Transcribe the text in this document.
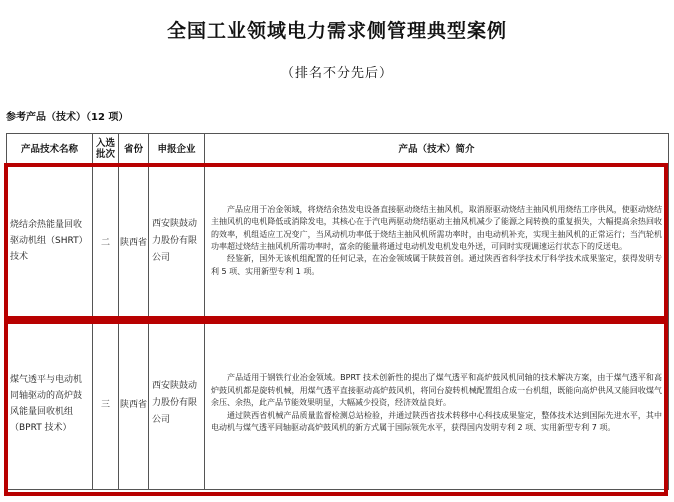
全国工业领域电力需求侧管理典型案例
（排名不分先后）
参考产品（技术）（12 项）
产品技术名称	入选批次	省份	申报企业	产品（技术）简介
烧结余热能量回收驱动机组（SHRT）技术	二	陕西省	西安陕鼓动力股份有限公司	产品应用于冶金领域，将烧结余热发电设备直接驱动烧结主抽风机，取消原驱动烧结主抽风机用烧结工序供风，使驱动烧结主抽风机的电机降低或消除发电，其核心在于汽电两驱动烧结驱动主抽风机减少了能源之间转换的重复损失，大幅提高余热回收的效率，机组适应工况变广，当风动机功率低于烧结主抽风机所需功率时，由电动机补充，实现主抽风机的正常运行；当汽轮机功率超过烧结主抽风机所需功率时，富余的能量将通过电动机发电机发电外送，可同时实现调速运行状态下的反送电。

经鉴新，国外无该机组配置的任何记录，在冶金领域属于陕鼓首创。通过陕西省科学技术厅科学技术成果鉴定，获得发明专利 5 项、实用新型专利 1 项。

煤气透平与电动机同轴驱动的高炉鼓风能量回收机组（BPRT 技术）	三	陕西省	西安陕鼓动力股份有限公司	产品适用于钢铁行业冶金领域。BPRT 技术创新性的提出了煤气透平和高炉鼓风机同轴的技术解决方案，由于煤气透平和高炉鼓风机都是旋转机械，用煤气透平直接驱动高炉鼓风机，将同台旋转机械配置组合成一台机组，既能向高炉供风又能回收煤气余压、余热，此产品节能效果明显，大幅减少投资，经济效益良好。

通过陕西省机械产品质量监督检测总站检验，并通过陕西省技术转移中心科技成果鉴定，整体技术达到国际先进水平，其中电动机与煤气透平同轴驱动高炉鼓风机的新方式属于国际领先水平，获得国内发明专利 2 项、实用新型专利 7 项。
